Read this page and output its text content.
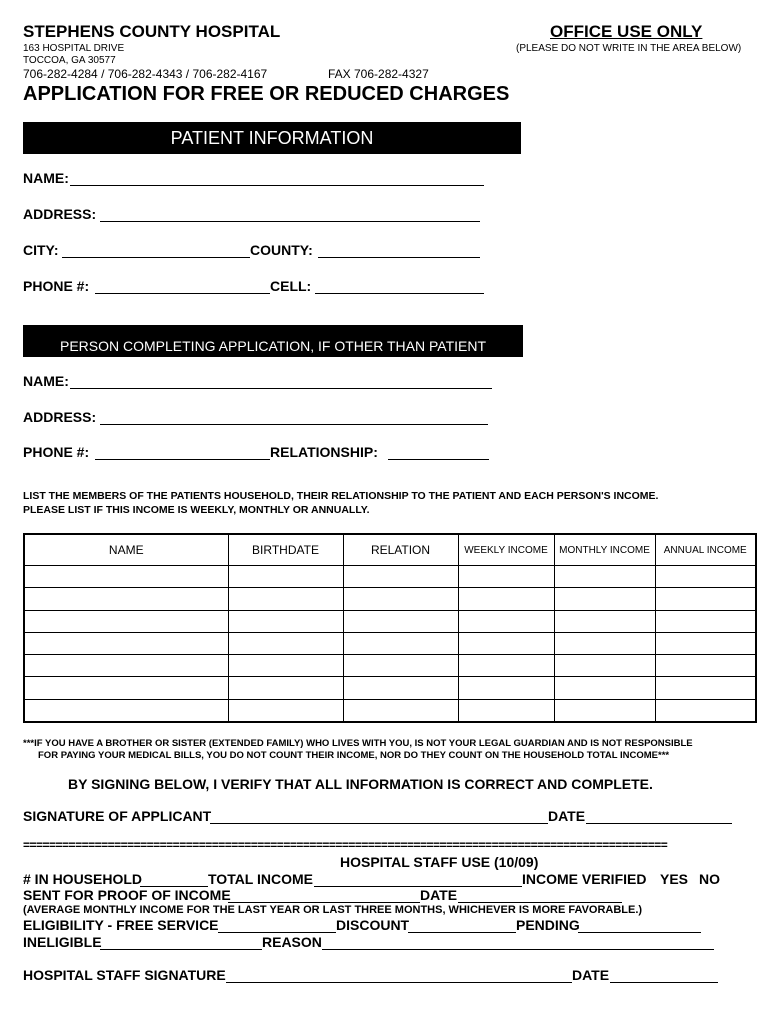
STEPHENS COUNTY HOSPITAL
163 HOSPITAL DRIVE
TOCCOA, GA 30577
706-282-4284 / 706-282-4343 / 706-282-4167	FAX 706-282-4327
OFFICE USE ONLY
(PLEASE DO NOT WRITE IN THE AREA BELOW)
APPLICATION FOR FREE OR REDUCED CHARGES
PATIENT INFORMATION
NAME:
ADDRESS:
CITY:	COUNTY:
PHONE #:	CELL:
PERSON COMPLETING APPLICATION, IF OTHER THAN PATIENT
NAME:
ADDRESS:
PHONE #:	RELATIONSHIP:
LIST THE MEMBERS OF THE PATIENTS HOUSEHOLD, THEIR RELATIONSHIP TO THE PATIENT AND EACH PERSON'S INCOME.
PLEASE LIST IF THIS INCOME IS WEEKLY, MONTHLY OR ANNUALLY.
NAME	BIRTHDATE	RELATION	WEEKLY INCOME	MONTHLY INCOME	ANNUAL INCOME

***IF YOU HAVE A BROTHER OR SISTER (EXTENDED FAMILY) WHO LIVES WITH YOU, IS NOT YOUR LEGAL GUARDIAN AND IS NOT RESPONSIBLE
FOR PAYING YOUR MEDICAL BILLS, YOU DO NOT COUNT THEIR INCOME, NOR DO THEY COUNT ON THE HOUSEHOLD TOTAL INCOME***
BY SIGNING BELOW, I VERIFY THAT ALL INFORMATION IS CORRECT AND COMPLETE.
SIGNATURE OF APPLICANT	DATE
===================================================================================================
HOSPITAL STAFF USE (10/09)
# IN HOUSEHOLD	TOTAL INCOME	INCOME VERIFIED YES NO
SENT FOR PROOF OF INCOME	DATE
(AVERAGE MONTHLY INCOME FOR THE LAST YEAR OR LAST THREE MONTHS, WHICHEVER IS MORE FAVORABLE.)
ELIGIBILITY - FREE SERVICE	DISCOUNT	PENDING
INELIGIBLE	REASON
HOSPITAL STAFF SIGNATURE	DATE
